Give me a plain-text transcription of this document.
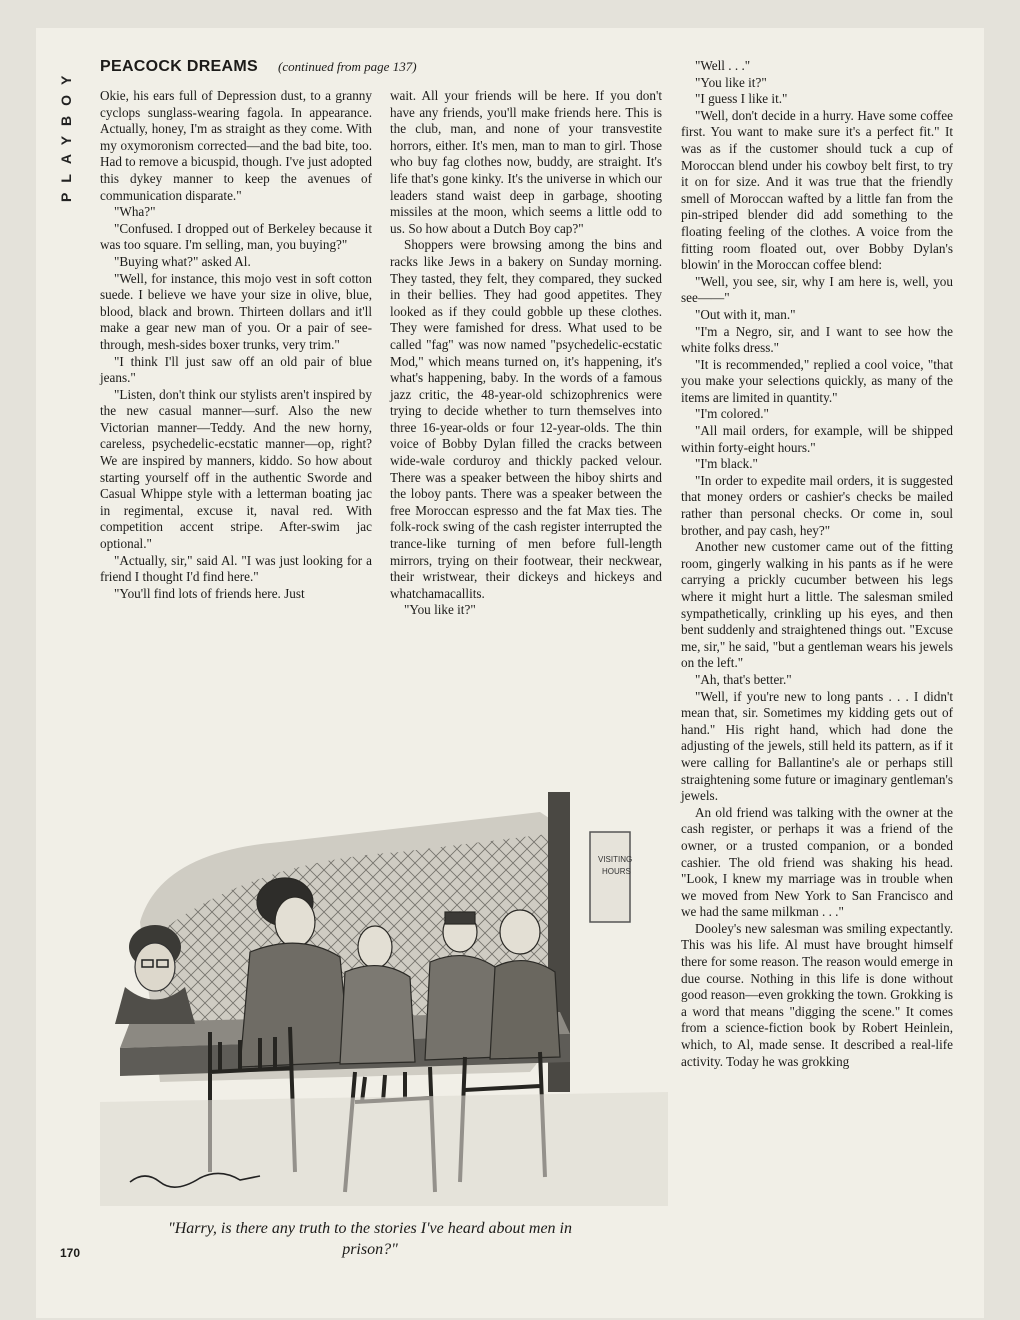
PLAYBOY PEACOCK DREAMS (continued from page 137)

Okie, his ears full of Depression dust, to a granny cyclops sunglass-wearing fagola. In appearance. Actually, honey, I'm as straight as they come. With my oxymoronism corrected—and the bad bite, too. Had to remove a bicuspid, though. I've just adopted this dykey manner to keep the avenues of communication disparate."

"Wha?"

"Confused. I dropped out of Berkeley because it was too square. I'm selling, man, you buying?"

"Buying what?" asked Al.

"Well, for instance, this mojo vest in soft cotton suede. I believe we have your size in olive, blue, blood, black and brown. Thirteen dollars and it'll make a gear new man of you. Or a pair of see-through, mesh-sides boxer trunks, very trim."

"I think I'll just saw off an old pair of blue jeans."

"Listen, don't think our stylists aren't inspired by the new casual manner—surf. Also the new Victorian manner—Teddy. And the new horny, careless, psychedelic-ecstatic manner—op, right? We are inspired by manners, kiddo. So how about starting yourself off in the authentic Sworde and Casual Whippe style with a letterman boating jac in regimental, excuse it, naval red. With competition accent stripe. After-swim jac optional."

"Actually, sir," said Al. "I was just looking for a friend I thought I'd find here."

"You'll find lots of friends here. Just

wait. All your friends will be here. If you don't have any friends, you'll make friends here. This is the club, man, and none of your transvestite horrors, either. It's men, man to man to girl. Those who buy fag clothes now, buddy, are straight. It's life that's gone kinky. It's the universe in which our leaders stand waist deep in garbage, shooting missiles at the moon, which seems a little odd to us. So how about a Dutch Boy cap?"

Shoppers were browsing among the bins and racks like Jews in a bakery on Sunday morning. They tasted, they felt, they compared, they sucked in their bellies. They had good appetites. They looked as if they could gobble up these clothes. They were famished for dress. What used to be called "fag" was now named "psychedelic-ecstatic Mod," which means turned on, it's happening, it's what's happening, baby. In the words of a famous jazz critic, the 48-year-old schizophrenics were trying to decide whether to turn themselves into three 16-year-olds or four 12-year-olds. The thin voice of Bobby Dylan filled the cracks between wide-wale corduroy and thickly packed velour. There was a speaker between the hiboy shirts and the loboy pants. There was a speaker between the free Moroccan espresso and the fat Max ties. The folk-rock swing of the cash register interrupted the trance-like turning of men before full-length mirrors, trying on their footwear, their neckwear, their wristwear, their dickeys and hickeys and whatchamacallits.

"You like it?"

"Well . . ."

"You like it?"

"I guess I like it."

"Well, don't decide in a hurry. Have some coffee first. You want to make sure it's a perfect fit." It was as if the customer should tuck a cup of Moroccan blend under his cowboy belt first, to try it on for size. And it was true that the friendly smell of Moroccan wafted by a little fan from the pin-striped blender did add something to the floating feeling of the clothes. A voice from the fitting room floated out, over Bobby Dylan's blowin' in the Moroccan coffee blend:

"Well, you see, sir, why I am here is, well, you see——"

"Out with it, man."

"I'm a Negro, sir, and I want to see how the white folks dress."

"It is recommended," replied a cool voice, "that you make your selections quickly, as many of the items are limited in quantity."

"I'm colored."

"All mail orders, for example, will be shipped within forty-eight hours."

"I'm black."

"In order to expedite mail orders, it is suggested that money orders or cashier's checks be mailed rather than personal checks. Or come in, soul brother, and pay cash, hey?"

Another new customer came out of the fitting room, gingerly walking in his pants as if he were carrying a prickly cucumber between his legs where it might hurt a little. The salesman smiled sympathetically, crinkling up his eyes, and then bent suddenly and straightened things out. "Excuse me, sir," he said, "but a gentleman wears his jewels on the left."

"Ah, that's better."

"Well, if you're new to long pants . . . I didn't mean that, sir. Sometimes my kidding gets out of hand." His right hand, which had done the adjusting of the jewels, still held its pattern, as if it were calling for Ballantine's ale or perhaps still straightening some future or imaginary gentleman's jewels.

An old friend was talking with the owner at the cash register, or perhaps it was a friend of the owner, or a trusted companion, or a bonded cashier. The old friend was shaking his head. "Look, I knew my marriage was in trouble when we moved from New York to San Francisco and we had the same milkman . . ."

Dooley's new salesman was smiling expectantly. This was his life. Al must have brought himself there for some reason. The reason would emerge in due course. Nothing in this life is done without good reason—even grokking the town. Grokking is a word that means "digging the scene." It comes from a science-fiction book by Robert Heinlein, which, to Al, made sense. It described a real-life activity. Today he was grokking

VISITING
HOURS
"Harry, is there any truth to the stories I've heard about men in prison?"
170
